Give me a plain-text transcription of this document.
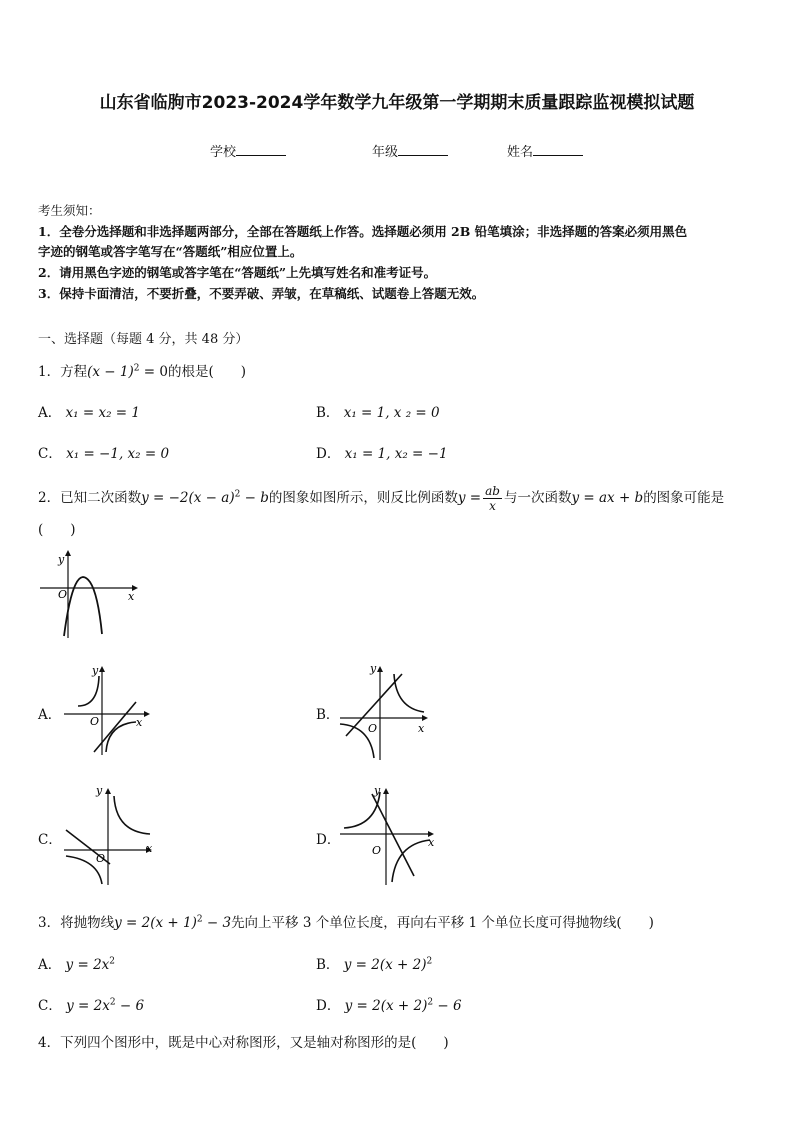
山东省临朐市2023-2024学年数学九年级第一学期期末质量跟踪监视模拟试题
学校	年级	姓名
考生须知：
1．全卷分选择题和非选择题两部分，全部在答题纸上作答。选择题必须用 2B 铅笔填涂；非选择题的答案必须用黑色
字迹的钢笔或答字笔写在“答题纸”相应位置上。
2．请用黑色字迹的钢笔或答字笔在“答题纸”上先填写姓名和准考证号。
3．保持卡面清洁，不要折叠，不要弄破、弄皱，在草稿纸、试题卷上答题无效。
一、选择题（每题 4 分，共 48 分）
1．方程$(x - 1)^2 = 0$的根是(　　)
A． x₁ = x₂ = 1	B． x₁ = 1, x ₂ = 0
C． x₁ = −1, x₂ = 0	D． x₁ = 1, x₂ = −1
2．已知二次函数$y = -2(x - a)^2 - b$的图象如图所示，则反比例函数$y = \frac{ab}{x}$ 与一次函数y = ax + b的图象可能是
(　　)
y
O	x
A．
y
O	x	B．
y
O	x
C．
y
O
x
D．
y
O
x
3．将抛物线$y = 2(x + 1)^2 - 3$先向上平移 3 个单位长度，再向右平移 1 个单位长度可得抛物线(　　)
A． $y = 2x^2$	B． $y = 2(x + 2)^2$
C． $y = 2x^2 - 6$	D． $y = 2(x + 2)^2 - 6$
4．下列四个图形中，既是中心对称图形，又是轴对称图形的是(　　)
